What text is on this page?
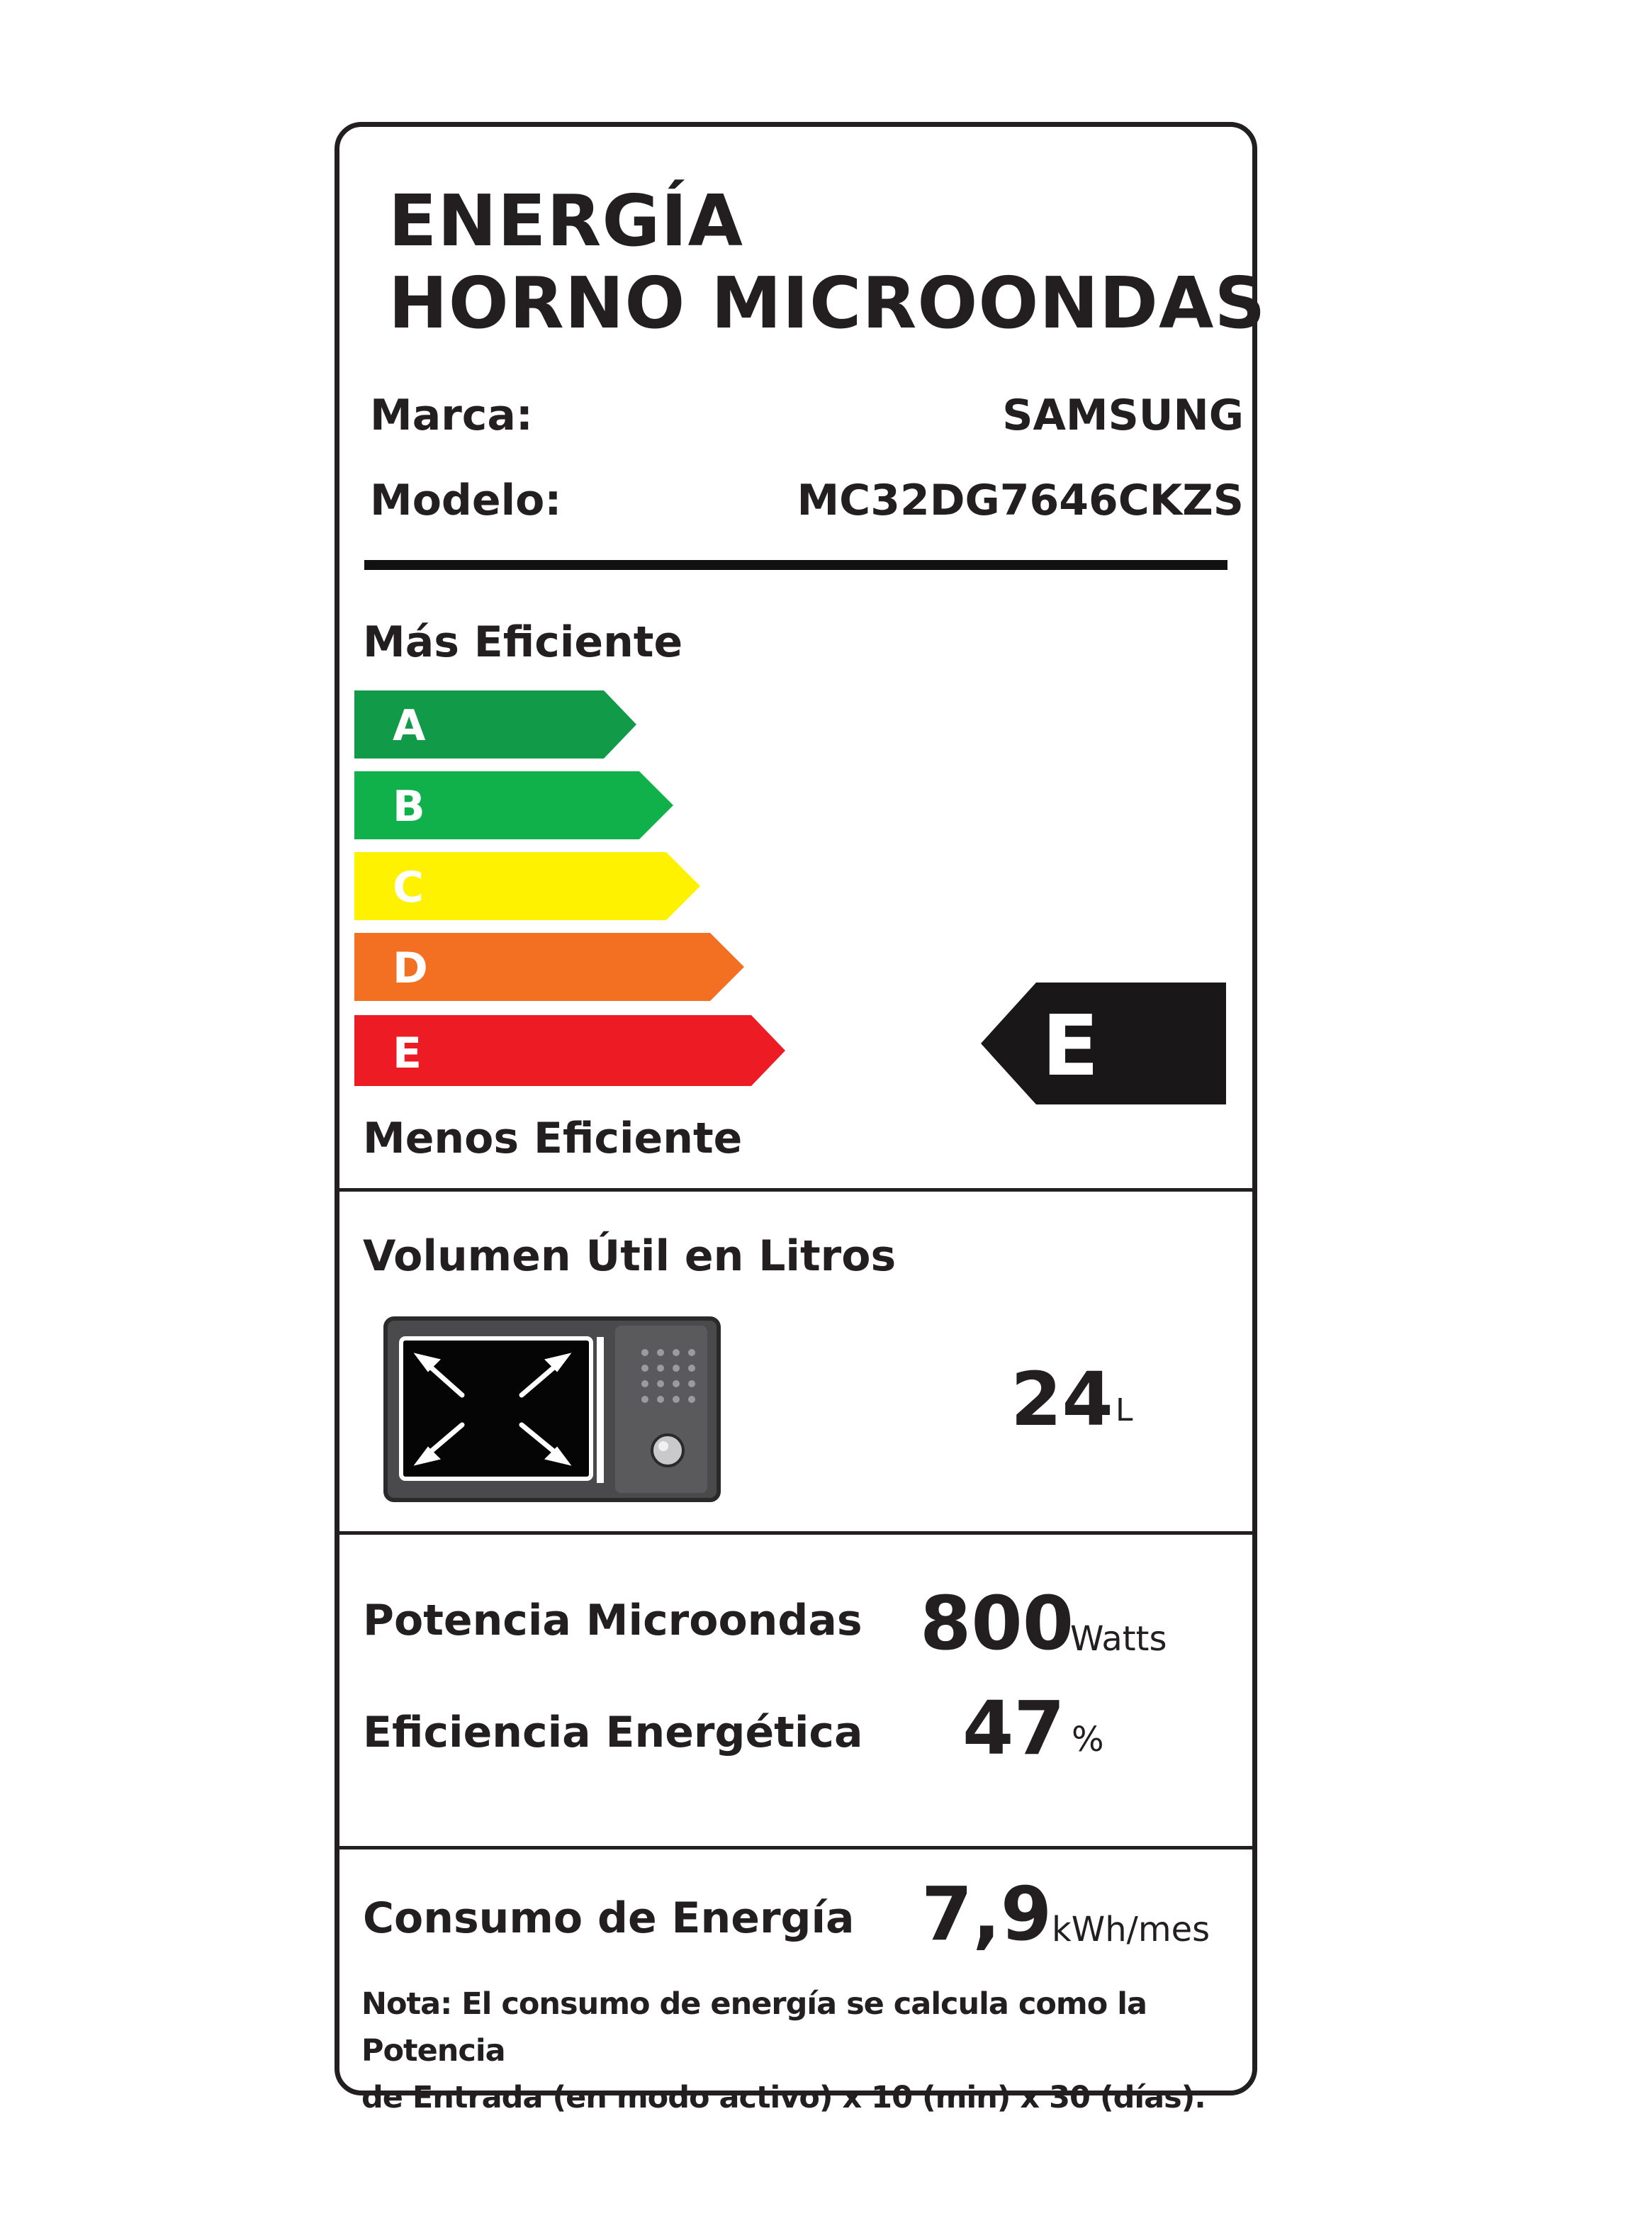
ENERGÍA
HORNO MICROONDAS
Marca:	SAMSUNG
Modelo:	MC32DG7646CKZS
Más Eficiente
A
B
C
D
E	E
Menos Eficiente
Volumen Útil en Litros
24 L
Potencia Microondas 800
Watts
Eficiencia Energética 47 %
Consumo de Energía 7,9 kWh/mes
Nota: El consumo de energía se calcula como la Potencia
de Entrada (en modo activo) x 10 (min) x 30 (días).
